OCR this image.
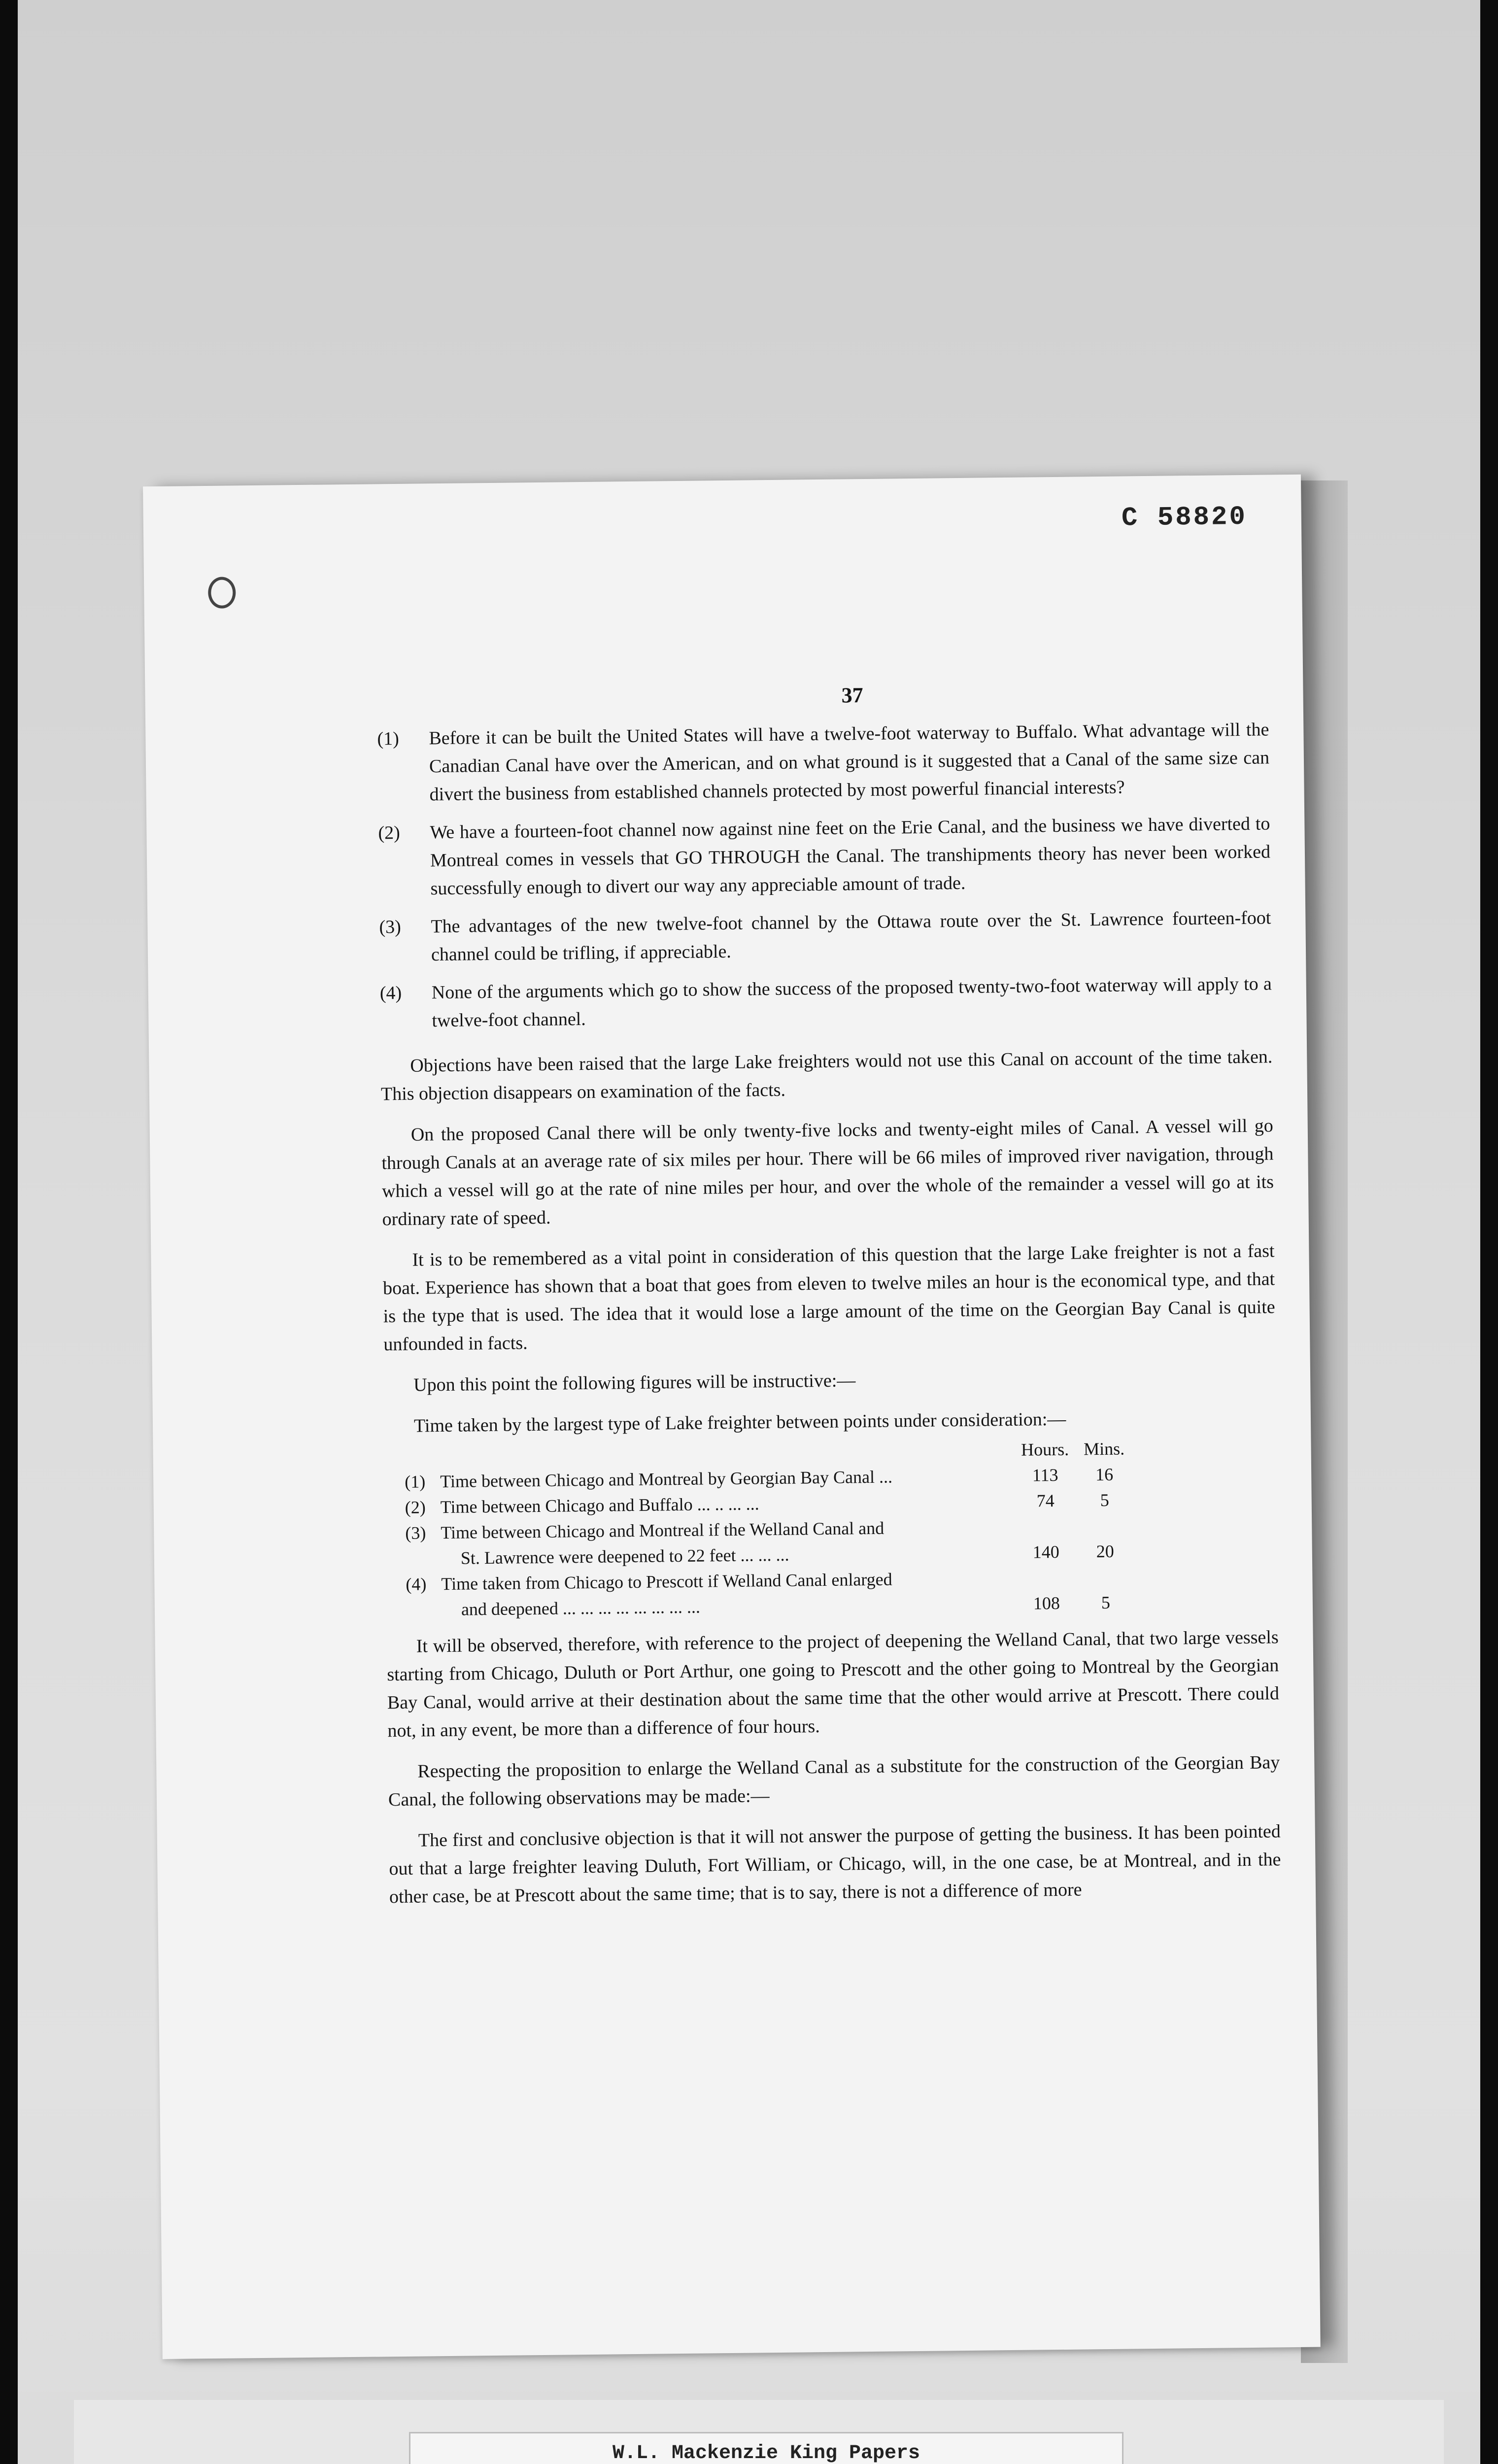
C 58820
37
(1)	Before it can be built the United States will have a twelve-foot waterway to Buffalo. What advantage will the Canadian Canal have over the American, and on what ground is it suggested that a Canal of the same size can divert the business from established channels protected by most powerful financial interests?
(2)	We have a fourteen-foot channel now against nine feet on the Erie Canal, and the business we have diverted to Montreal comes in vessels that GO THROUGH the Canal. The transhipments theory has never been worked successfully enough to divert our way any appreciable amount of trade.
(3)	The advantages of the new twelve-foot channel by the Ottawa route over the St. Lawrence fourteen-foot channel could be trifling, if appreciable.
(4)	None of the arguments which go to show the success of the proposed twenty-two-foot waterway will apply to a twelve-foot channel.

Objections have been raised that the large Lake freighters would not use this Canal on account of the time taken. This objection disappears on examination of the facts.

On the proposed Canal there will be only twenty-five locks and twenty-eight miles of Canal. A vessel will go through Canals at an average rate of six miles per hour. There will be 66 miles of improved river navigation, through which a vessel will go at the rate of nine miles per hour, and over the whole of the remainder a vessel will go at its ordinary rate of speed.

It is to be remembered as a vital point in consideration of this question that the large Lake freighter is not a fast boat. Experience has shown that a boat that goes from eleven to twelve miles an hour is the economical type, and that is the type that is used. The idea that it would lose a large amount of the time on the Georgian Bay Canal is quite unfounded in facts.

Upon this point the following figures will be instructive:—

Time taken by the largest type of Lake freighter between points under consideration:—

		Hours.	Mins.
(1)	Time between Chicago and Montreal by Georgian Bay Canal ...	113	16
(2)	Time between Chicago and Buffalo ... .. ... ...	74	5
(3)	Time between Chicago and Montreal if the Welland Canal and		
	St. Lawrence were deepened to 22 feet ... ... ...	140	20
(4)	Time taken from Chicago to Prescott if Welland Canal enlarged		
	and deepened ... ... ... ... ... ... ... ...	108	5

It will be observed, therefore, with reference to the project of deepening the Welland Canal, that two large vessels starting from Chicago, Duluth or Port Arthur, one going to Prescott and the other going to Montreal by the Georgian Bay Canal, would arrive at their destination about the same time that the other would arrive at Prescott. There could not, in any event, be more than a difference of four hours.

Respecting the proposition to enlarge the Welland Canal as a substitute for the construction of the Georgian Bay Canal, the following observations may be made:—

The first and conclusive objection is that it will not answer the purpose of getting the business. It has been pointed out that a large freighter leaving Duluth, Fort William, or Chicago, will, in the one case, be at Montreal, and in the other case, be at Prescott about the same time; that is to say, there is not a difference of more

W.L. Mackenzie King Papers
